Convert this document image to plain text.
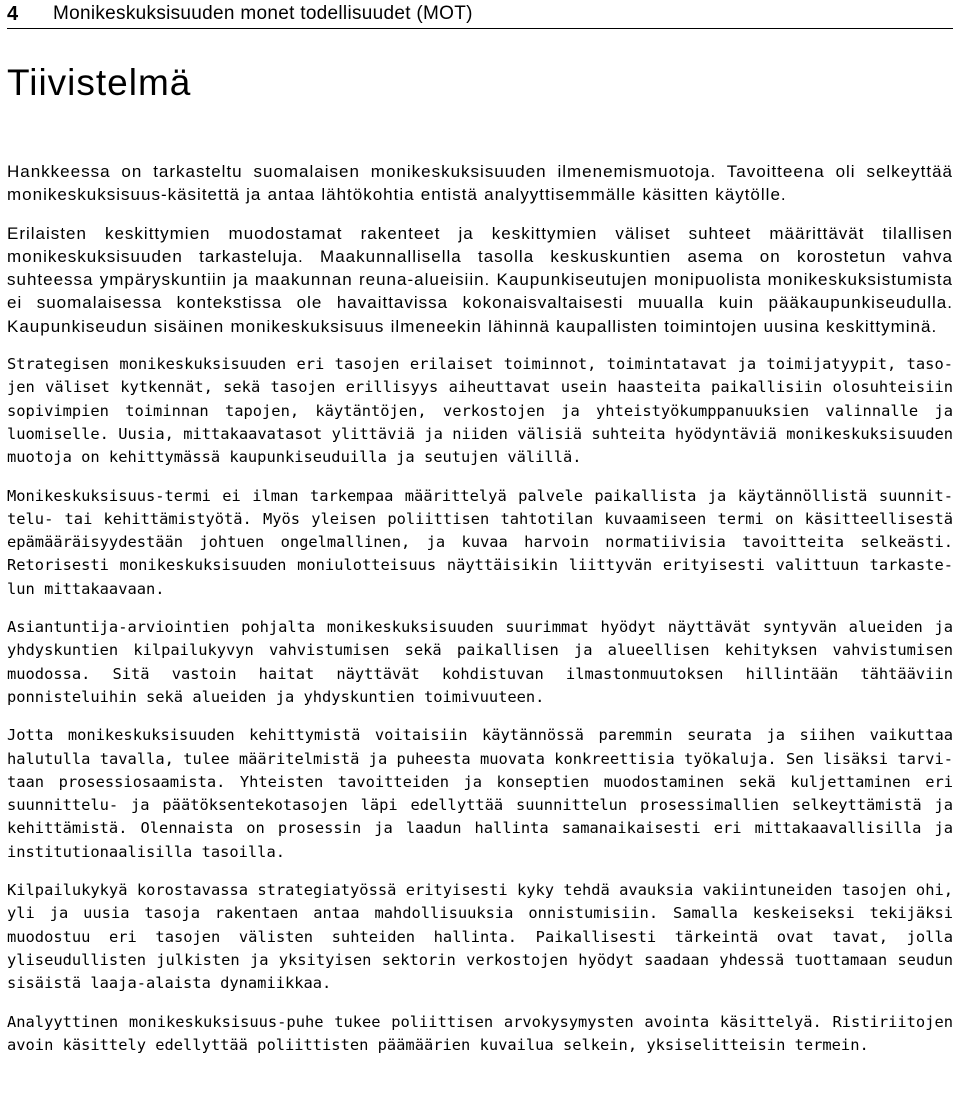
4	Monikeskuksisuuden monet todellisuudet (MOT)
Tiivistelmä

Hankkeessa on tarkasteltu suomalaisen monikeskuksisuuden ilmenemismuotoja. Tavoitteena oli selkeyttää monikeskuksisuus-käsitettä ja antaa lähtökohtia entistä analyyttisemmälle käsitten käytölle.

Erilaisten keskittymien muodostamat rakenteet ja keskittymien väliset suhteet määrittävät tilallisen monikeskuksisuuden tarkasteluja. Maakunnallisella tasolla keskuskuntien asema on korostetun vahva suhteessa ympäryskuntiin ja maakunnan reuna-alueisiin. Kaupunkiseutujen monipuolista monikeskuksistumista ei suomalaisessa kontekstissa ole havaittavissa kokonaisvaltaisesti muualla kuin pääkaupunkiseudulla. Kaupunkiseudun sisäinen monikeskuksisuus ilmeneekin lähinnä kaupallisten toimintojen uusina keskittyminä.

Strategisen monikeskuksisuuden eri tasojen erilaiset toiminnot, toimintatavat ja toimijatyypit, tasojen väliset kytkennät, sekä tasojen erillisyys aiheuttavat usein haasteita paikallisiin olosuhteisiin sopivimpien toiminnan tapojen, käytäntöjen, verkostojen ja yhteistyökumppanuuksien valinnalle ja luomiselle. Uusia, mittakaavatasot ylittäviä ja niiden välisiä suhteita hyödyntäviä monikeskuksisuuden muotoja on kehittymässä kaupunkiseuduilla ja seutujen välillä.

Monikeskuksisuus-termi ei ilman tarkempaa määrittelyä palvele paikallista ja käytännöllistä suunnittelu- tai kehittämistyötä. Myös yleisen poliittisen tahtotilan kuvaamiseen termi on käsitteellisestä epämääräisyydestään johtuen ongelmallinen, ja kuvaa harvoin normatiivisia tavoitteita selkeästi. Retorisesti monikeskuksisuuden moniulotteisuus näyttäisikin liittyvän erityisesti valittuun tarkastelun mittakaavaan.

Asiantuntija-arviointien pohjalta monikeskuksisuuden suurimmat hyödyt näyttävät syntyvän alueiden ja yhdyskuntien kilpailukyvyn vahvistumisen sekä paikallisen ja alueellisen kehityksen vahvistumisen muodossa. Sitä vastoin haitat näyttävät kohdistuvan ilmastonmuutoksen hillintään tähtääviin ponnisteluihin sekä alueiden ja yhdyskuntien toimivuuteen.

Jotta monikeskuksisuuden kehittymistä voitaisiin käytännössä paremmin seurata ja siihen vaikuttaa halutulla tavalla, tulee määritelmistä ja puheesta muovata konkreettisia työkaluja. Sen lisäksi tarvitaan prosessiosaamista. Yhteisten tavoitteiden ja konseptien muodostaminen sekä kuljettaminen eri suunnittelu- ja päätöksentekotasojen läpi edellyttää suunnittelun prosessimallien selkeyttämistä ja kehittämistä. Olennaista on prosessin ja laadun hallinta samanaikaisesti eri mittakaavallisilla ja institutionaalisilla tasoilla.

Kilpailukykyä korostavassa strategiatyössä erityisesti kyky tehdä avauksia vakiintuneiden tasojen ohi, yli ja uusia tasoja rakentaen antaa mahdollisuuksia onnistumisiin. Samalla keskeiseksi tekijäksi muodostuu eri tasojen välisten suhteiden hallinta. Paikallisesti tärkeintä ovat tavat, jolla yliseudullisten julkisten ja yksityisen sektorin verkostojen hyödyt saadaan yhdessä tuottamaan seudun sisäistä laaja-alaista dynamiikkaa.

Analyyttinen monikeskuksisuus-puhe tukee poliittisen arvokysymysten avointa käsittelyä. Ristiriitojen avoin käsittely edellyttää poliittisten päämäärien kuvailua selkein, yksiselitteisin termein.
